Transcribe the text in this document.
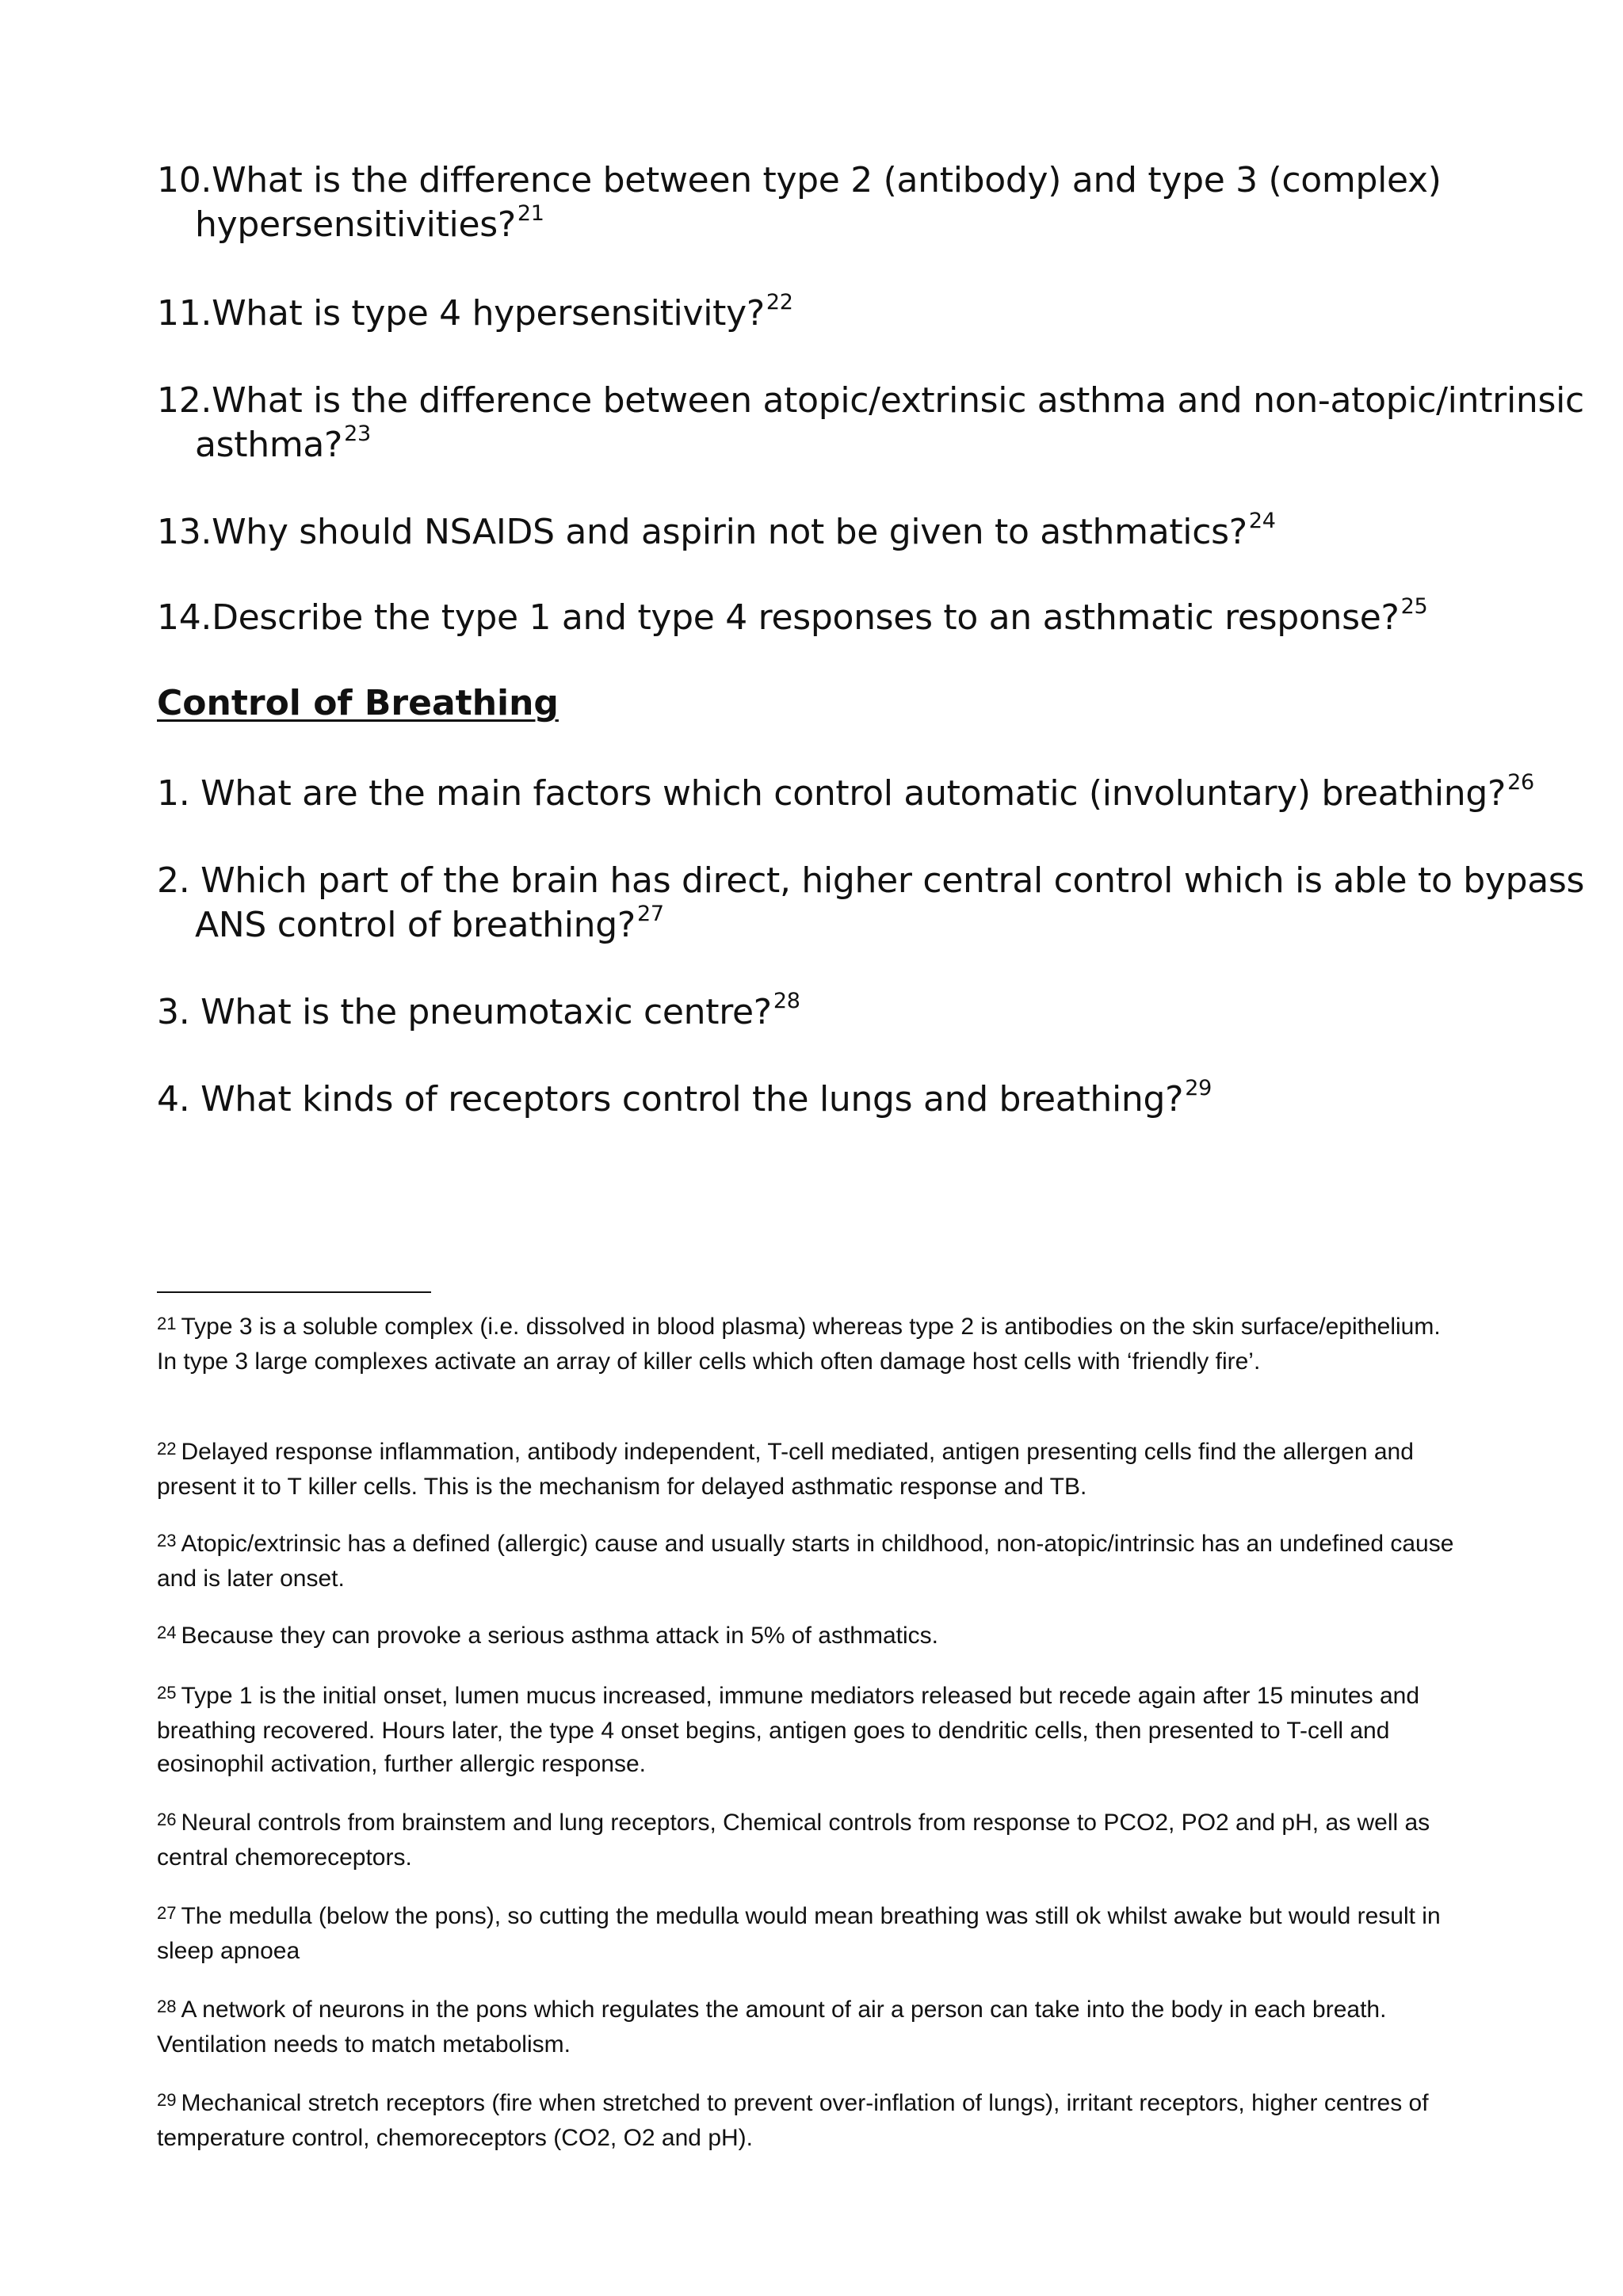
10.What is the difference between type 2 (antibody) and type 3 (complex)
hypersensitivities?$^{21}$

11.What is type 4 hypersensitivity?$^{22}$

12.What is the difference between atopic/extrinsic asthma and non-atopic/intrinsic
asthma?$^{23}$

13.Why should NSAIDS and aspirin not be given to asthmatics?$^{24}$

14.Describe the type 1 and type 4 responses to an asthmatic response?$^{25}$

Control of Breathing

1. What are the main factors which control automatic (involuntary) breathing?$^{26}$

2. Which part of the brain has direct, higher central control which is able to bypass
ANS control of breathing?$^{27}$

3. What is the pneumotaxic centre?$^{28}$

4. What kinds of receptors control the lungs and breathing?$^{29}$

$^{21}$ Type 3 is a soluble complex (i.e. dissolved in blood plasma) whereas type 2 is antibodies on the skin surface/epithelium. In type 3 large complexes activate an array of killer cells which often damage host cells with ‘friendly fire’.

$^{22}$ Delayed response inflammation, antibody independent, T-cell mediated, antigen presenting cells find the allergen and present it to T killer cells. This is the mechanism for delayed asthmatic response and TB.

$^{23}$ Atopic/extrinsic has a defined (allergic) cause and usually starts in childhood, non-atopic/intrinsic has an undefined cause and is later onset.

$^{24}$ Because they can provoke a serious asthma attack in 5% of asthmatics.

$^{25}$ Type 1 is the initial onset, lumen mucus increased, immune mediators released but recede again after 15 minutes and breathing recovered. Hours later, the type 4 onset begins, antigen goes to dendritic cells, then presented to T-cell and eosinophil activation, further allergic response.

$^{26}$ Neural controls from brainstem and lung receptors, Chemical controls from response to PCO2, PO2 and pH, as well as central chemoreceptors.

$^{27}$ The medulla (below the pons), so cutting the medulla would mean breathing was still ok whilst awake but would result in sleep apnoea

$^{28}$ A network of neurons in the pons which regulates the amount of air a person can take into the body in each breath. Ventilation needs to match metabolism.

$^{29}$ Mechanical stretch receptors (fire when stretched to prevent over-inflation of lungs), irritant receptors, higher centres of temperature control, chemoreceptors (CO2, O2 and pH).
